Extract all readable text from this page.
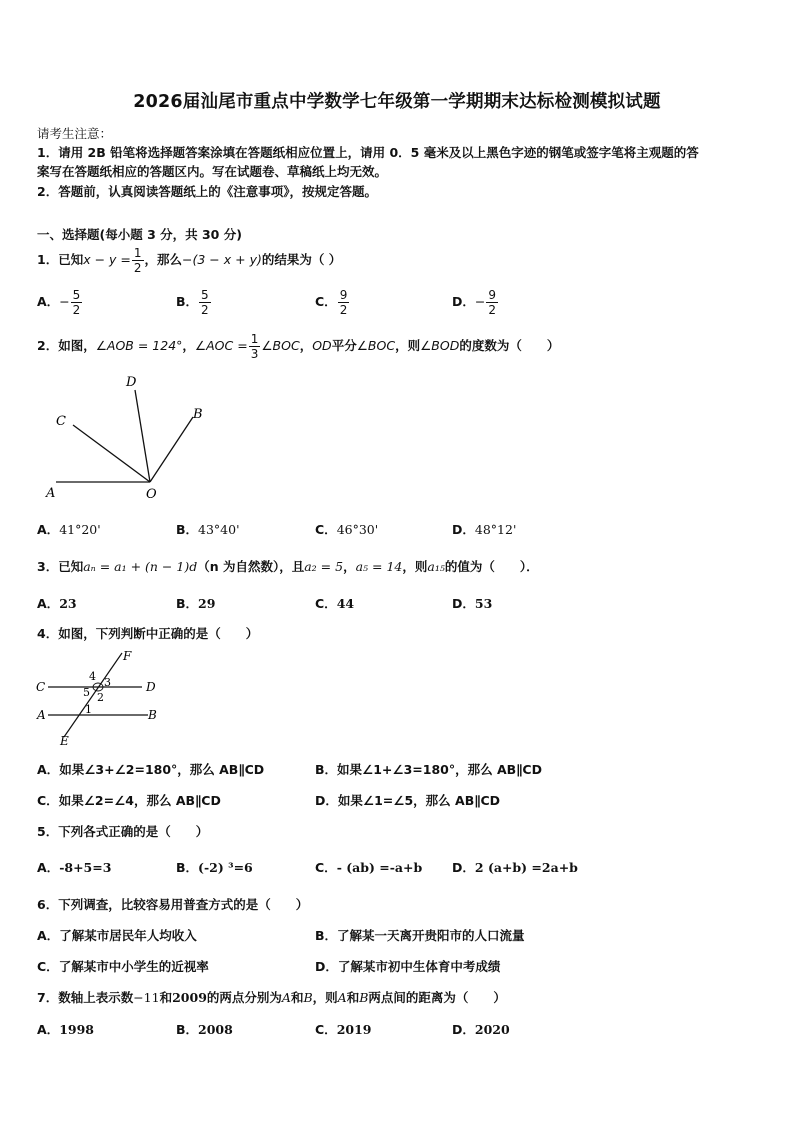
2026届汕尾市重点中学数学七年级第一学期期末达标检测模拟试题
请考生注意：
1．请用 2B 铅笔将选择题答案涂填在答题纸相应位置上，请用 0．5 毫米及以上黑色字迹的钢笔或签字笔将主观题的答
案写在答题纸相应的答题区内。写在试题卷、草稿纸上均无效。
2．答题前，认真阅读答题纸上的《注意事项》，按规定答题。
一、选择题(每小题 3 分，共 30 分)
1．已知$x - y = \frac{1}{2}$ ，那么−(3 − x + y)的结果为（ ）
A．− $\frac{5}{2}$	B． $\frac{5}{2}$	C． $\frac{9}{2}$	D．− $\frac{9}{2}$
2．如图，∠AOB = 124°，∠AOC = $\frac{1}{3}$ ∠BOC，OD平分∠BOC，则∠BOD的度数为（　　）
D
C	B
A	O
A．41°20'	B．43°40'	C．46°30'	D．48°12'
3．已知aₙ = a₁ + (n − 1)d（n 为自然数），且a₂ = 5，a₅ = 14，则a₁₅的值为（　　）．
A．23	B．29	C．44	D．53
4．如图，下列判断中正确的是（　　）
F
C	D
A	B
E
4 3
5 2
1
A．如果∠3+∠2=180°，那么 AB∥CD	B．如果∠1+∠3=180°，那么 AB∥CD
C．如果∠2=∠4，那么 AB∥CD	D．如果∠1=∠5，那么 AB∥CD
5．下列各式正确的是（　　）
A．-8+5=3	B．(-2) ³=6	C．- (ab) =-a+b D．2 (a+b) =2a+b
6．下列调查，比较容易用普查方式的是（　　）
A．了解某市居民年人均收入	B．了解某一天离开贵阳市的人口流量
C．了解某市中小学生的近视率	D．了解某市初中生体育中考成绩
7．数轴上表示数−11和2009的两点分别为A和B，则A和B两点间的距离为（　　）
A．1998	B．2008	C．2019	D．2020
